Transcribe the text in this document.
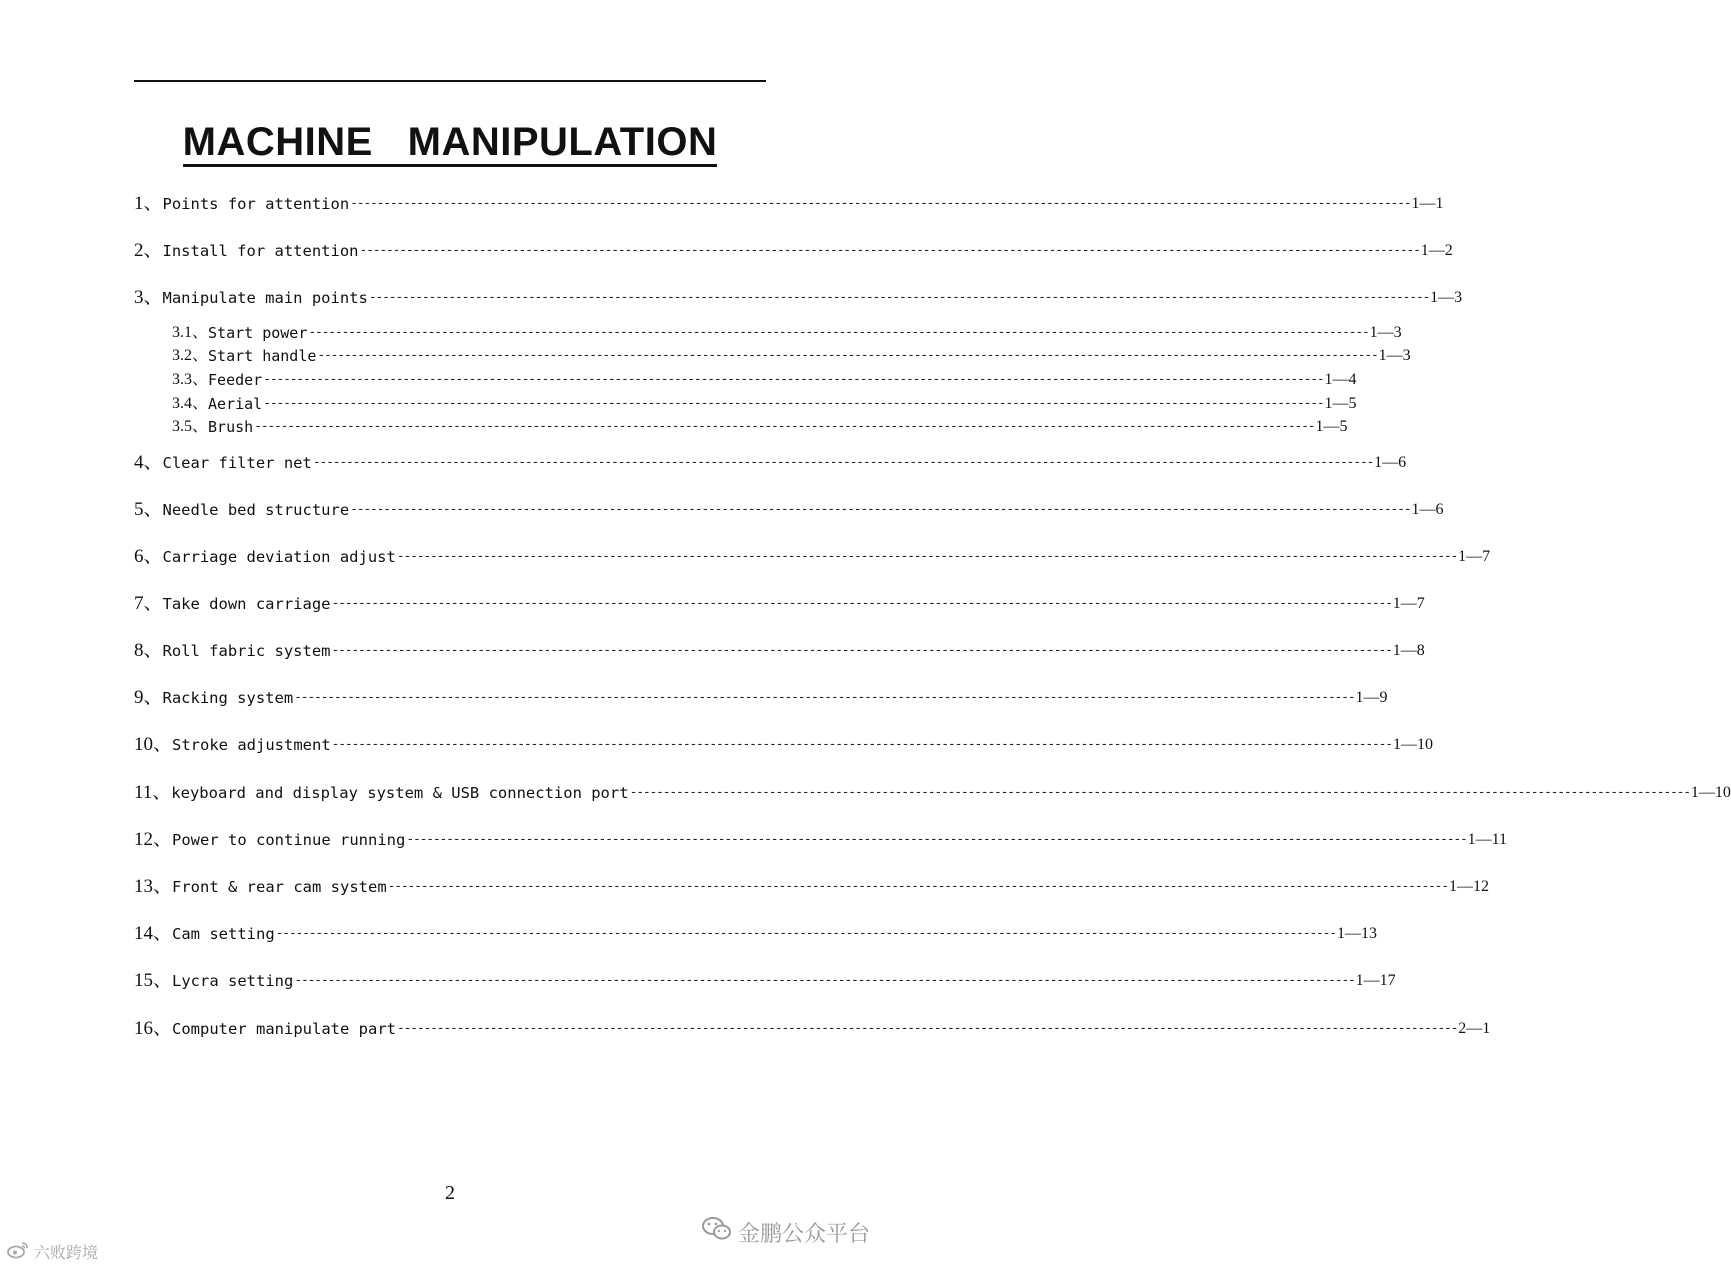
MACHINE   MANIPULATION
1、 Points for attention ---------------------------------------------------------------------------------------------------------------------------------------------------------------- 1—1
2、 Install for attention ---------------------------------------------------------------------------------------------------------------------------------------------------------------- 1—2
3、 Manipulate main points ---------------------------------------------------------------------------------------------------------------------------------------------------------------- 1—3
3.1、 Start power ---------------------------------------------------------------------------------------------------------------------------------------------------------------- 1—3
3.2、 Start handle ---------------------------------------------------------------------------------------------------------------------------------------------------------------- 1—3
3.3、 Feeder ---------------------------------------------------------------------------------------------------------------------------------------------------------------- 1—4
3.4、 Aerial ---------------------------------------------------------------------------------------------------------------------------------------------------------------- 1—5
3.5、 Brush ---------------------------------------------------------------------------------------------------------------------------------------------------------------- 1—5
4、 Clear filter net ---------------------------------------------------------------------------------------------------------------------------------------------------------------- 1—6
5、 Needle bed structure ---------------------------------------------------------------------------------------------------------------------------------------------------------------- 1—6
6、 Carriage deviation adjust ---------------------------------------------------------------------------------------------------------------------------------------------------------------- 1—7
7、 Take down carriage ---------------------------------------------------------------------------------------------------------------------------------------------------------------- 1—7
8、 Roll fabric system ---------------------------------------------------------------------------------------------------------------------------------------------------------------- 1—8
9、 Racking system ---------------------------------------------------------------------------------------------------------------------------------------------------------------- 1—9
10、 Stroke adjustment ---------------------------------------------------------------------------------------------------------------------------------------------------------------- 1—10
11、 keyboard and display system & USB connection port ---------------------------------------------------------------------------------------------------------------------------------------------------------------- 1—10
12、 Power to continue running ---------------------------------------------------------------------------------------------------------------------------------------------------------------- 1—11
13、 Front & rear cam system ---------------------------------------------------------------------------------------------------------------------------------------------------------------- 1—12
14、 Cam setting ---------------------------------------------------------------------------------------------------------------------------------------------------------------- 1—13
15、 Lycra setting ---------------------------------------------------------------------------------------------------------------------------------------------------------------- 1—17
16、 Computer manipulate part ---------------------------------------------------------------------------------------------------------------------------------------------------------------- 2—1
2
金鹏公众平台
六败跨境
